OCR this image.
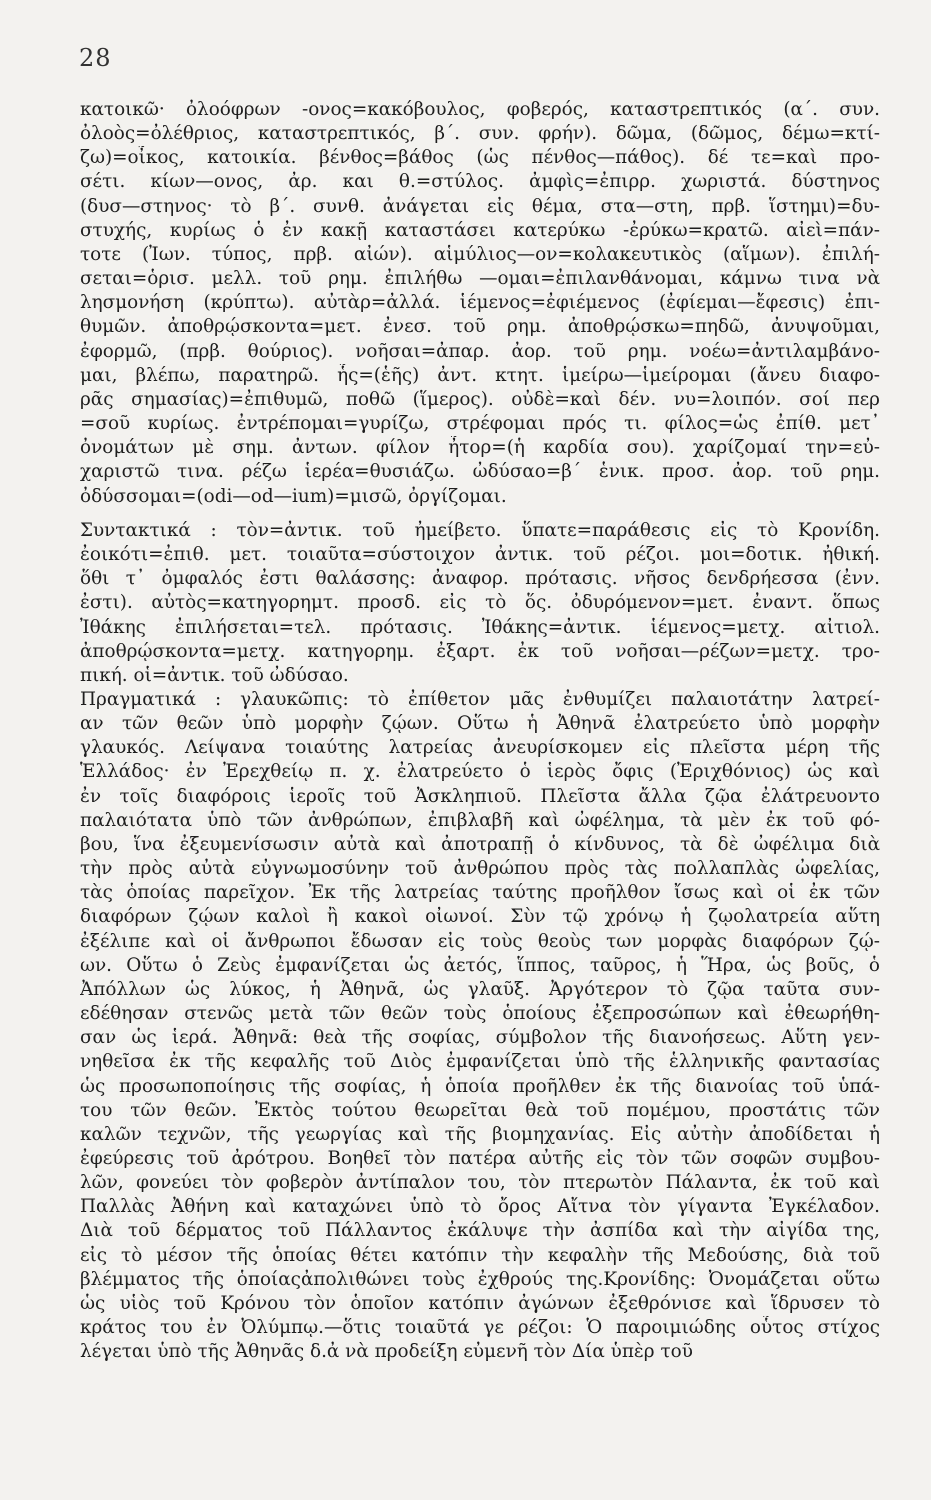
28
κατοικῶ· ὀλοόφρων -ονος=κακόβουλος, φοβερός, καταστρεπτικός (α΄. συν.
ὀλοὸς=ὀλέθριος, καταστρεπτικός, β΄. συν. φρήν). δῶμα, (δῶμος, δέμω=κτί-
ζω)=οἶκος, κατοικία. βένθος=βάθος (ὡς πένθος—πάθος). δέ τε=καὶ προ-
σέτι. κίων—ονος, ἀρ. και θ.=στύλος. ἀμφὶς=ἐπιρρ. χωριστά. δύστηνος
(δυσ—στηνος· τὸ β΄. συνθ. ἀνάγεται εἰς θέμα, στα—στη, πρβ. ἵστημι)=δυ-
στυχής, κυρίως ὁ ἐν κακῇ καταστάσει κατερύκω -ἐρύκω=κρατῶ. αἰεὶ=πάν-
τοτε (Ἰων. τύπος, πρβ. αἰών). αἱμύλιος—ον=κολακευτικὸς (αἵμων). ἐπιλή-
σεται=ὁρισ. μελλ. τοῦ ρημ. ἐπιλήθω —ομαι=ἐπιλανθάνομαι, κάμνω τινα νὰ
λησμονήση (κρύπτω). αὐτὰρ=ἀλλά. ἱέμενος=ἐφιέμενος (ἐφίεμαι—ἔφεσις) ἐπι-
θυμῶν. ἀποθρῴσκοντα=μετ. ἐνεσ. τοῦ ρημ. ἀποθρῴσκω=πηδῶ, ἀνυψοῦμαι,
ἐφορμῶ, (πρβ. θούριος). νοῆσαι=ἀπαρ. ἀορ. τοῦ ρημ. νοέω=ἀντιλαμβάνο-
μαι, βλέπω, παρατηρῶ. ἧς=(ἑῆς) ἀντ. κτητ. ἱμείρω—ἱμείρομαι (ἄνευ διαφο-
ρᾶς σημασίας)=ἐπιθυμῶ, ποθῶ (ἵμερος). οὐδὲ=καὶ δέν. νυ=λοιπόν. σοί περ
=σοῦ κυρίως. ἐντρέπομαι=γυρίζω, στρέφομαι πρός τι. φίλος=ὡς ἐπίθ. μετ᾽
ὀνομάτων μὲ σημ. ἀντων. φίλον ἦτορ=(ἡ καρδία σου). χαρίζομαί την=εὐ-
χαριστῶ τινα. ρέζω ἱερέα=θυσιάζω. ὠδύσαο=β΄ ἑνικ. προσ. ἀορ. τοῦ ρημ.
ὀδύσσομαι=(odi—od—ium)=μισῶ, ὀργίζομαι.
Συντακτικά : τὸν=ἀντικ. τοῦ ἠμείβετο. ὕπατε=παράθεσις εἰς τὸ Κρονίδη.
ἐοικότι=ἐπιθ. μετ. τοιαῦτα=σύστοιχον ἀντικ. τοῦ ρέζοι. μοι=δοτικ. ἠθική.
ὅθι τ᾽ ὀμφαλός ἐστι θαλάσσης: ἀναφορ. πρότασις. νῆσος δενδρήεσσα (ἐνν.
ἐστι). αὐτὸς=κατηγορημτ. προσδ. εἰς τὸ ὅς. ὀδυρόμενον=μετ. ἐναντ. ὅπως
Ἰθάκης ἐπιλήσεται=τελ. πρότασις. Ἰθάκης=ἀντικ. ἱέμενος=μετχ. αἰτιολ.
ἀποθρῴσκοντα=μετχ. κατηγορημ. ἐξαρτ. ἐκ τοῦ νοῆσαι—ρέζων=μετχ. τρο-
πική. οἱ=ἀντικ. τοῦ ὠδύσαο.
Πραγματικά : γλαυκῶπις: τὸ ἐπίθετον μᾶς ἐνθυμίζει παλαιοτάτην λατρεί-
αν τῶν θεῶν ὑπὸ μορφὴν ζῴων. Οὕτω ἡ Ἀθηνᾶ ἐλατρεύετο ὑπὸ μορφὴν
γλαυκός. Λείψανα τοιαύτης λατρείας ἀνευρίσκομεν εἰς πλεῖστα μέρη τῆς
Ἑλλάδος· ἐν Ἐρεχθείῳ π. χ. ἐλατρεύετο ὁ ἱερὸς ὄφις (Ἐριχθόνιος) ὡς καὶ
ἐν τοῖς διαφόροις ἱεροῖς τοῦ Ἀσκληπιοῦ. Πλεῖστα ἄλλα ζῷα ἐλάτρευοντο
παλαιότατα ὑπὸ τῶν ἀνθρώπων, ἐπιβλαβῆ καὶ ὠφέλημα, τὰ μὲν ἐκ τοῦ φό-
βου, ἵνα ἐξευμενίσωσιν αὐτὰ καὶ ἀποτραπῇ ὁ κίνδυνος, τὰ δὲ ὠφέλιμα διὰ
τὴν πρὸς αὐτὰ εὐγνωμοσύνην τοῦ ἀνθρώπου πρὸς τὰς πολλαπλὰς ὠφελίας,
τὰς ὁποίας παρεῖχον. Ἐκ τῆς λατρείας ταύτης προῆλθον ἴσως καὶ οἱ ἐκ τῶν
διαφόρων ζῴων καλοὶ ἢ κακοὶ οἰωνοί. Σὺν τῷ χρόνῳ ἡ ζῳολατρεία αὕτη
ἐξέλιπε καὶ οἱ ἄνθρωποι ἔδωσαν εἰς τοὺς θεοὺς των μορφὰς διαφόρων ζῴ-
ων. Οὕτω ὁ Ζεὺς ἐμφανίζεται ὡς ἀετός, ἵππος, ταῦρος, ἡ Ἥρα, ὡς βοῦς, ὁ
Ἀπόλλων ὡς λύκος, ἡ Ἀθηνᾶ, ὡς γλαῦξ. Ἀργότερον τὸ ζῷα ταῦτα συν-
εδέθησαν στενῶς μετὰ τῶν θεῶν τοὺς ὁποίους ἐξεπροσώπων καὶ ἐθεωρήθη-
σαν ὡς ἱερά. Ἀθηνᾶ: θεὰ τῆς σοφίας, σύμβολον τῆς διανοήσεως. Αὕτη γεν-
νηθεῖσα ἐκ τῆς κεφαλῆς τοῦ Διὸς ἐμφανίζεται ὑπὸ τῆς ἑλληνικῆς φαντασίας
ὡς προσωποποίησις τῆς σοφίας, ἡ ὁποία προῆλθεν ἐκ τῆς διανοίας τοῦ ὑπά-
του τῶν θεῶν. Ἐκτὸς τούτου θεωρεῖται θεὰ τοῦ πομέμου, προστάτις τῶν
καλῶν τεχνῶν, τῆς γεωργίας καὶ τῆς βιομηχανίας. Εἰς αὐτὴν ἀποδίδεται ἡ
ἐφεύρεσις τοῦ ἀρότρου. Βοηθεῖ τὸν πατέρα αὐτῆς εἰς τὸν τῶν σοφῶν συμβου-
λῶν, φονεύει τὸν φοβερὸν ἀντίπαλον του, τὸν πτερωτὸν Πάλαντα, ἐκ τοῦ καὶ
Παλλὰς Ἀθήνη καὶ καταχώνει ὑπὸ τὸ ὄρος Αἴτνα τὸν γίγαντα Ἐγκέλαδον.
Διὰ τοῦ δέρματος τοῦ Πάλλαντος ἐκάλυψε τὴν ἀσπίδα καὶ τὴν αἰγίδα της,
εἰς τὸ μέσον τῆς ὁποίας θέτει κατόπιν τὴν κεφαλὴν τῆς Μεδούσης, διὰ τοῦ
βλέμματος τῆς ὁποίαςἀπολιθώνει τοὺς ἐχθρούς της.Κρονίδης: Ὀνομάζεται οὕτω
ὡς υἱὸς τοῦ Κρόνου τὸν ὁποῖον κατόπιν ἀγώνων ἐξεθρόνισε καὶ ἵδρυσεν τὸ
κράτος του ἐν Ὀλύμπῳ.—ὅτις τοιαῦτά γε ρέζοι: Ὁ παροιμιώδης οὗτος στίχος
λέγεται ὑπὸ τῆς Ἀθηνᾶς δ.ἀ νὰ προδείξη εὐμενῆ τὸν Δία ὑπὲρ τοῦ
